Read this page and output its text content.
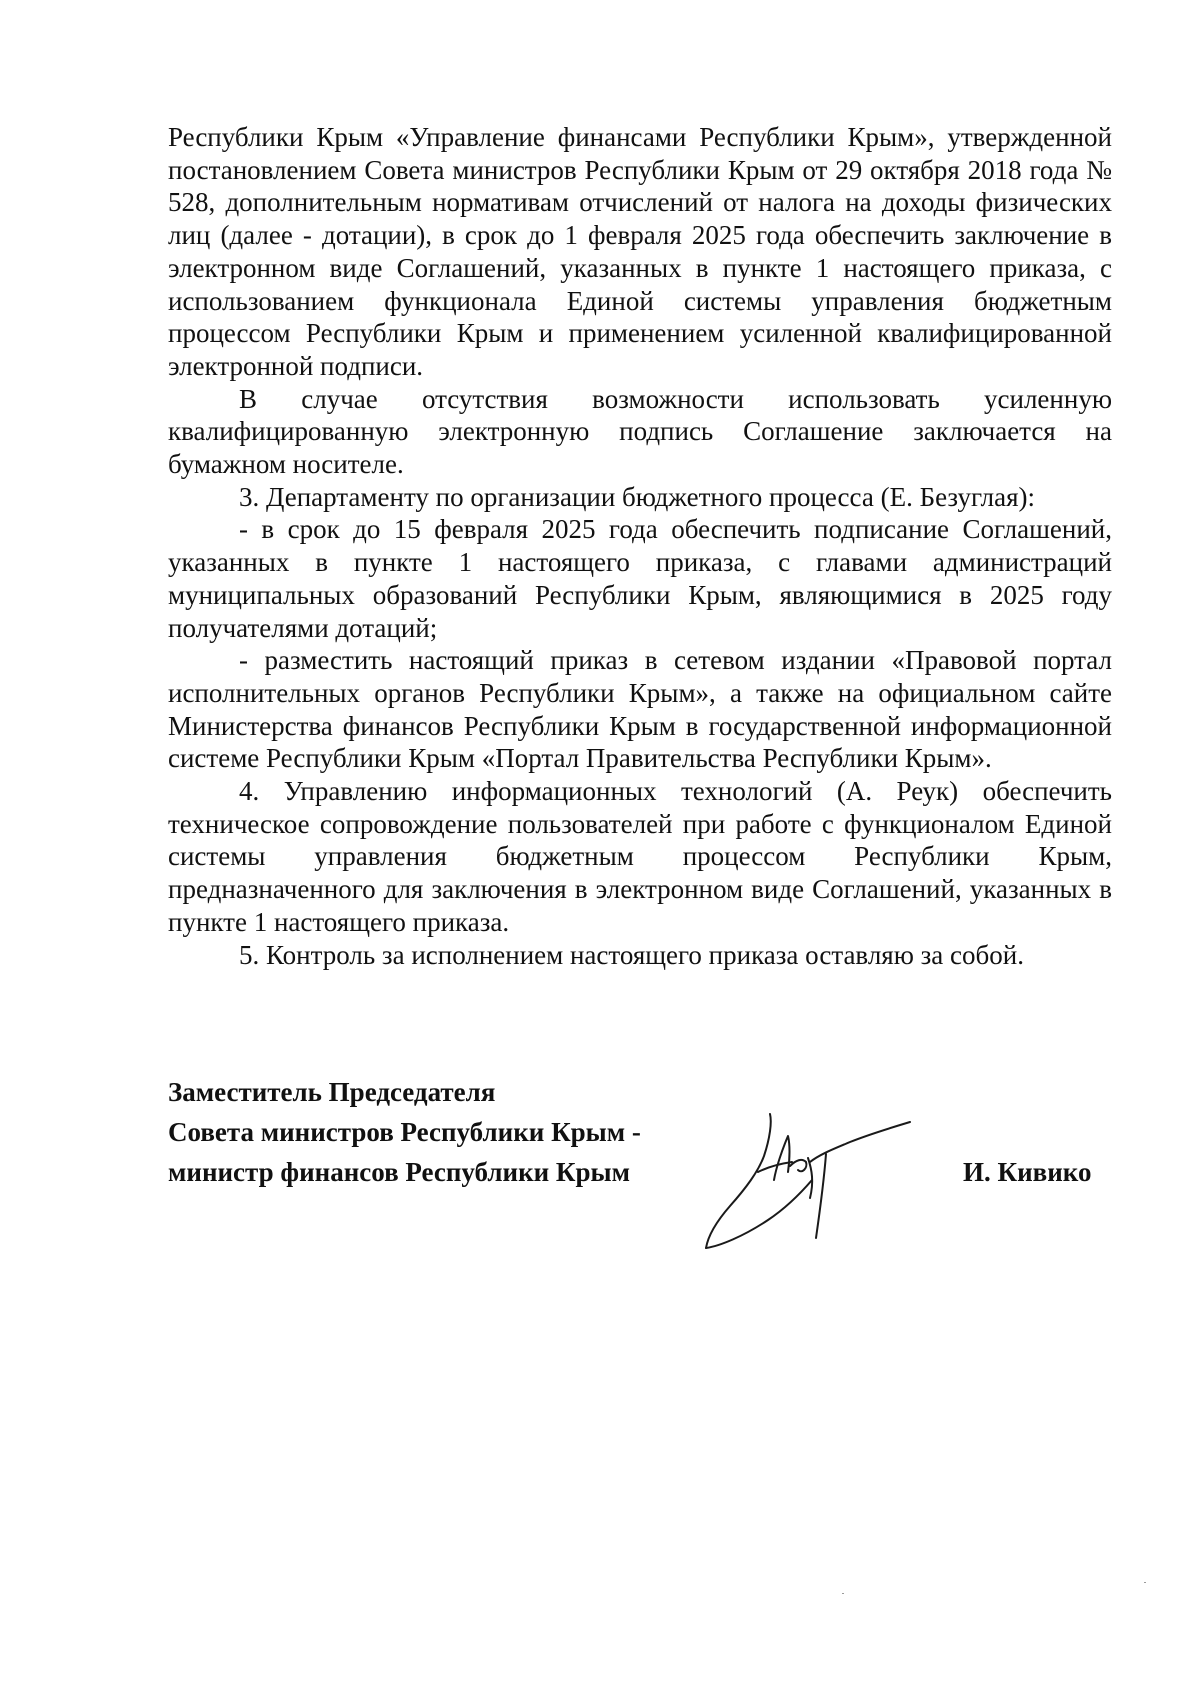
Республики Крым «Управление финансами Республики Крым», утвержденной постановлением Совета министров Республики Крым от 29 октября 2018 года № 528, дополнительным нормативам отчислений от налога на доходы физических лиц (далее - дотации), в срок до 1 февраля 2025 года обеспечить заключение в электронном виде Соглашений, указанных в пункте 1 настоящего приказа, с использованием функционала Единой системы управления бюджетным процессом Республики Крым и применением усиленной квалифицированной электронной подписи.

В случае отсутствия возможности использовать усиленную квалифицированную электронную подпись Соглашение заключается на бумажном носителе.

3. Департаменту по организации бюджетного процесса (Е. Безуглая):

- в срок до 15 февраля 2025 года обеспечить подписание Соглашений, указанных в пункте 1 настоящего приказа, с главами администраций муниципальных образований Республики Крым, являющимися в 2025 году получателями дотаций;

- разместить настоящий приказ в сетевом издании «Правовой портал исполнительных органов Республики Крым», а также на официальном сайте Министерства финансов Республики Крым в государственной информационной системе Республики Крым «Портал Правительства Республики Крым».

4. Управлению информационных технологий (А. Реук) обеспечить техническое сопровождение пользователей при работе с функционалом Единой системы управления бюджетным процессом Республики Крым, предназначенного для заключения в электронном виде Соглашений, указанных в пункте 1 настоящего приказа.

5. Контроль за исполнением настоящего приказа оставляю за собой.

Заместитель Председателя
Совета министров Республики Крым -
министр финансов Республики Крым	И. Кивико
